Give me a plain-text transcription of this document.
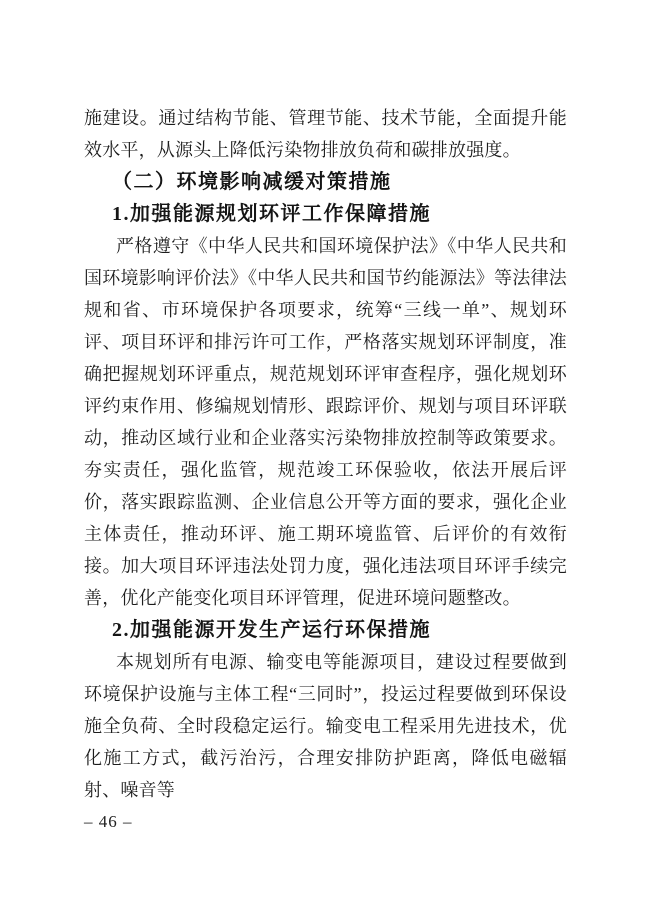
施建设。通过结构节能、管理节能、技术节能，全面提升能效水平，从源头上降低污染物排放负荷和碳排放强度。

（二）环境影响减缓对策措施

1.加强能源规划环评工作保障措施

严格遵守《中华人民共和国环境保护法》《中华人民共和国环境影响评价法》《中华人民共和国节约能源法》等法律法规和省、市环境保护各项要求，统筹“三线一单”、规划环评、项目环评和排污许可工作，严格落实规划环评制度，准确把握规划环评重点，规范规划环评审查程序，强化规划环评约束作用、修编规划情形、跟踪评价、规划与项目环评联动，推动区域行业和企业落实污染物排放控制等政策要求。夯实责任，强化监管，规范竣工环保验收，依法开展后评价，落实跟踪监测、企业信息公开等方面的要求，强化企业主体责任，推动环评、施工期环境监管、后评价的有效衔接。加大项目环评违法处罚力度，强化违法项目环评手续完善，优化产能变化项目环评管理，促进环境问题整改。

2.加强能源开发生产运行环保措施

本规划所有电源、输变电等能源项目，建设过程要做到环境保护设施与主体工程“三同时”，投运过程要做到环保设施全负荷、全时段稳定运行。输变电工程采用先进技术，优化施工方式，截污治污，合理安排防护距离，降低电磁辐射、噪音等

– 46 –
